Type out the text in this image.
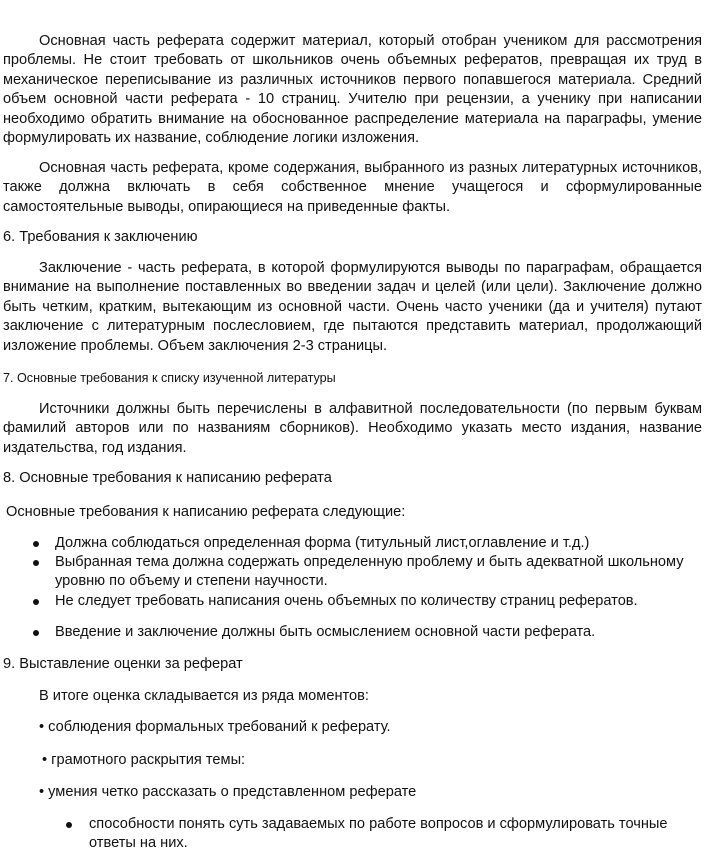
Основная часть реферата содержит материал, который отобран учеником для рассмотрения проблемы. Не стоит требовать от школьников очень объемных рефератов, превращая их труд в механическое переписывание из различных источников первого попавшегося материала. Средний объем основной части реферата - 10 страниц. Учителю при рецензии, а ученику при написании необходимо обратить внимание на обоснованное распределение материала на параграфы, умение формулировать их название, соблюдение логики изложения.

Основная часть реферата, кроме содержания, выбранного из разных литературных источников, также должна включать в себя собственное мнение учащегося и сформулированные самостоятельные выводы, опирающиеся на приведенные факты.

6. Требования к заключению

Заключение - часть реферата, в которой формулируются выводы по параграфам, обращается внимание на выполнение поставленных во введении задач и целей (или цели). Заключение должно быть четким, кратким, вытекающим из основной части. Очень часто ученики (да и учителя) путают заключение с литературным послесловием, где пытаются представить материал, продолжающий изложение проблемы. Объем заключения 2-3 страницы.

7. Основные требования к списку изученной литературы

Источники должны быть перечислены в алфавитной последовательности (по первым буквам фамилий авторов или по названиям сборников). Необходимо указать место издания, название издательства, год издания.

8. Основные требования к написанию реферата

Основные требования к написанию реферата следующие:

Должна соблюдаться определенная форма (титульный лист,оглавление и т.д.)
Выбранная тема должна содержать определенную проблему и быть адекватной школьному уровню по объему и степени научности.
Не следует требовать написания очень объемных по количеству страниц рефератов.
Введение и заключение должны быть осмыслением основной части реферата.

9. Выставление оценки за реферат

В итоге оценка складывается из ряда моментов:

• соблюдения формальных требований к реферату.

• грамотного раскрытия темы:

• умения четко рассказать о представленном реферате

способности понять суть задаваемых по работе вопросов и сформулировать точные ответы на них.
